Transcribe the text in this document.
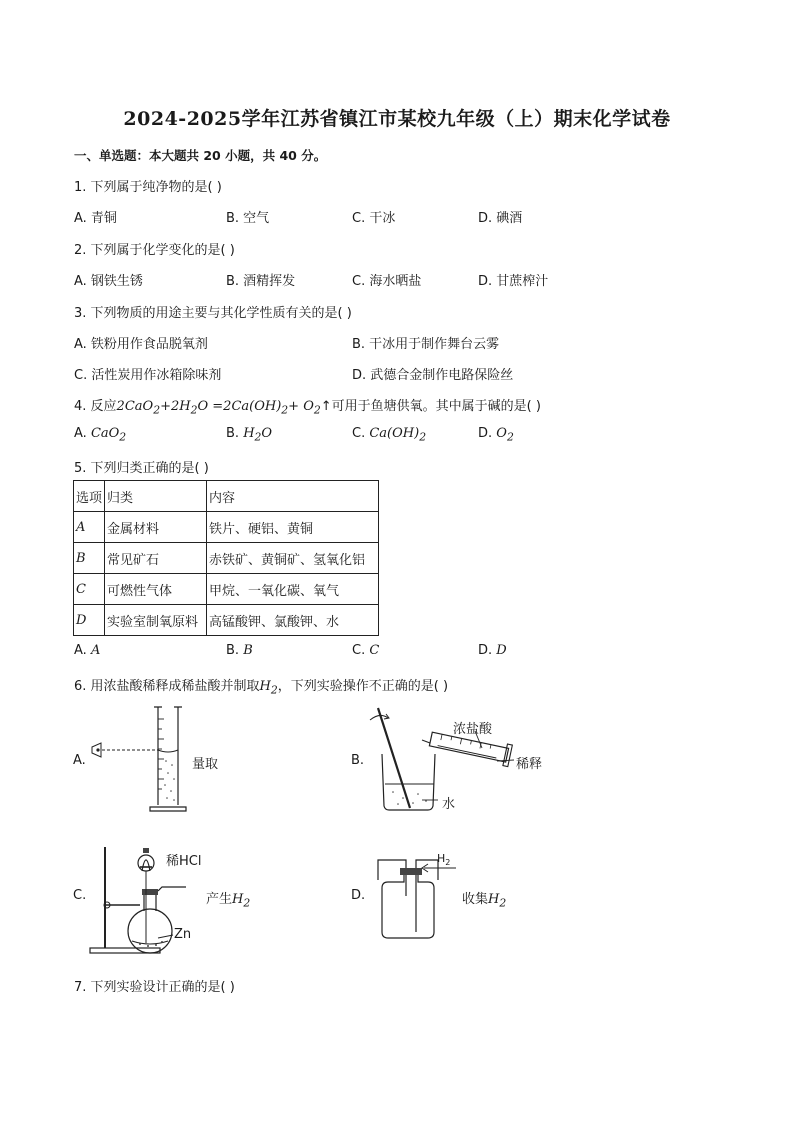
2024-2025学年江苏省镇江市某校九年级（上）期末化学试卷
一、单选题：本大题共 20 小题，共 40 分。
1. 下列属于纯净物的是( )
A. 青铜	B. 空气	C. 干冰	D. 碘酒
2. 下列属于化学变化的是( )
A. 钢铁生锈	B. 酒精挥发	C. 海水晒盐	D. 甘蔗榨汁
3. 下列物质的用途主要与其化学性质有关的是( )
A. 铁粉用作食品脱氧剂	B. 干冰用于制作舞台云雾
C. 活性炭用作冰箱除味剂	D. 武德合金制作电路保险丝
4. 反应$2CaO_2+2H_2O =2Ca(OH)_2+$ $O_2↑$可用于鱼塘供氧。其中属于碱的是( )
A. CaO$_2$	B. $H_2O$	C. $Ca(OH)_2$	D. $O_2$
5. 下列归类正确的是( )
选项	归类	内容
A	金属材料	铁片、硬铝、黄铜
B	常见矿石	赤铁矿、黄铜矿、氢氧化铝
C	可燃性气体	甲烷、一氧化碳、氧气
D	实验室制氧原料	高锰酸钾、氯酸钾、水
A. A	B. B	C. C	D. D
6. 用浓盐酸稀释成稀盐酸并制取$H_2$，下列实验操作不正确的是( )
A.	量取	B.
浓盐酸
稀释
水
C.
稀HCl
Zn
产生$H_2$
D.
$H_2$
收集$H_2$
7. 下列实验设计正确的是( )
